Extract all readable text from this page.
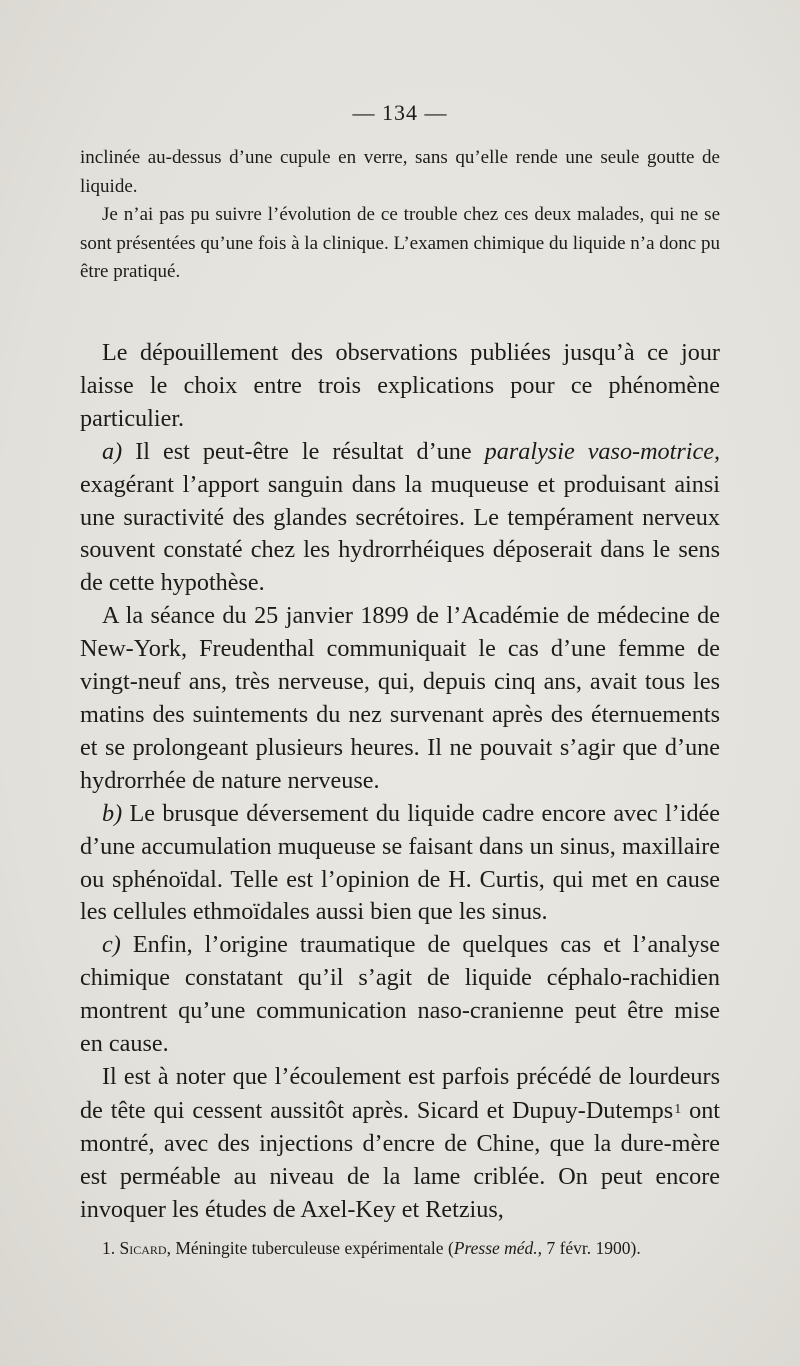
— 134 —

inclinée au-dessus d’une cupule en verre, sans qu’elle rende une seule goutte de liquide.

Je n’ai pas pu suivre l’évolution de ce trouble chez ces deux malades, qui ne se sont présentées qu’une fois à la clinique. L’examen chimique du liquide n’a donc pu être pratiqué.

Le dépouillement des observations publiées jusqu’à ce jour laisse le choix entre trois explications pour ce phénomène particulier.

a) Il est peut-être le résultat d’une paralysie vaso-motrice, exagérant l’apport sanguin dans la muqueuse et produisant ainsi une suractivité des glandes secrétoires. Le tempérament nerveux souvent constaté chez les hydrorrhéiques déposerait dans le sens de cette hypothèse.

A la séance du 25 janvier 1899 de l’Académie de médecine de New-York, Freudenthal communiquait le cas d’une femme de vingt-neuf ans, très nerveuse, qui, depuis cinq ans, avait tous les matins des suintements du nez survenant après des éternuements et se prolongeant plusieurs heures. Il ne pouvait s’agir que d’une hydrorrhée de nature nerveuse.

b) Le brusque déversement du liquide cadre encore avec l’idée d’une accumulation muqueuse se faisant dans un sinus, maxillaire ou sphénoïdal. Telle est l’opinion de H. Curtis, qui met en cause les cellules ethmoïdales aussi bien que les sinus.

c) Enfin, l’origine traumatique de quelques cas et l’analyse chimique constatant qu’il s’agit de liquide céphalo-rachidien montrent qu’une communication naso-cranienne peut être mise en cause.

Il est à noter que l’écoulement est parfois précédé de lourdeurs de tête qui cessent aussitôt après. Sicard et Dupuy-Dutemps$^1$ ont montré, avec des injections d’encre de Chine, que la dure-mère est perméable au niveau de la lame criblée. On peut encore invoquer les études de Axel-Key et Retzius,

1. Sicard, Méningite tuberculeuse expérimentale (Presse méd., 7 févr. 1900).
